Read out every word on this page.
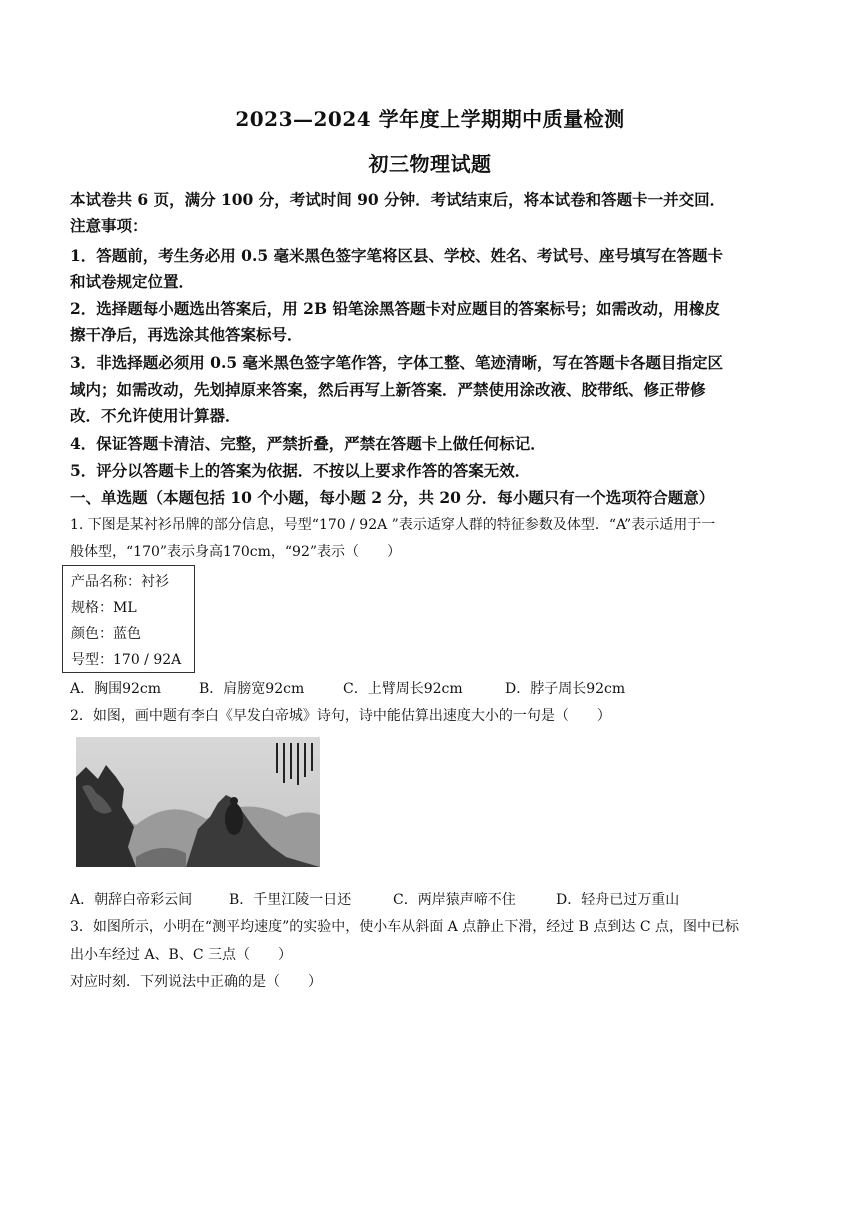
2023—2024 学年度上学期期中质量检测
初三物理试题
本试卷共 6 页，满分 100 分，考试时间 90 分钟．考试结束后，将本试卷和答题卡一并交回．
注意事项：
1．答题前，考生务必用 0.5 毫米黑色签字笔将区县、学校、姓名、考试号、座号填写在答题卡
和试卷规定位置．
2．选择题每小题选出答案后，用 2B 铅笔涂黑答题卡对应题目的答案标号；如需改动，用橡皮
擦干净后，再选涂其他答案标号．
3．非选择题必须用 0.5 毫米黑色签字笔作答，字体工整、笔迹清晰，写在答题卡各题目指定区
域内；如需改动，先划掉原来答案，然后再写上新答案．严禁使用涂改液、胶带纸、修正带修
改．不允许使用计算器．
4．保证答题卡清洁、完整，严禁折叠，严禁在答题卡上做任何标记．
5．评分以答题卡上的答案为依据．不按以上要求作答的答案无效．
一、单选题（本题包括 10 个小题，每小题 2 分，共 20 分．每小题只有一个选项符合题意）
1. 下图是某衬衫吊牌的部分信息，号型“170 / 92A ”表示适穿人群的特征参数及体型．“A”表示适用于一
般体型，“170”表示身高170cm，“92”表示（　　）
产品名称：衬衫
规格：ML
颜色：蓝色
号型：170 / 92A
A．胸围92cm	B．肩膀宽92cm	C．上臂周长92cm	D．脖子周长92cm
2．如图，画中题有李白《早发白帝城》诗句，诗中能估算出速度大小的一句是（　　）
A．朝辞白帝彩云间	B．千里江陵一日还	C．两岸猿声啼不住	D．轻舟已过万重山
3．如图所示，小明在“测平均速度”的实验中，使小车从斜面 A 点静止下滑，经过 B 点到达 C 点，图中已标
出小车经过 A、B、C 三点（　　）
对应时刻．下列说法中正确的是（　　）
